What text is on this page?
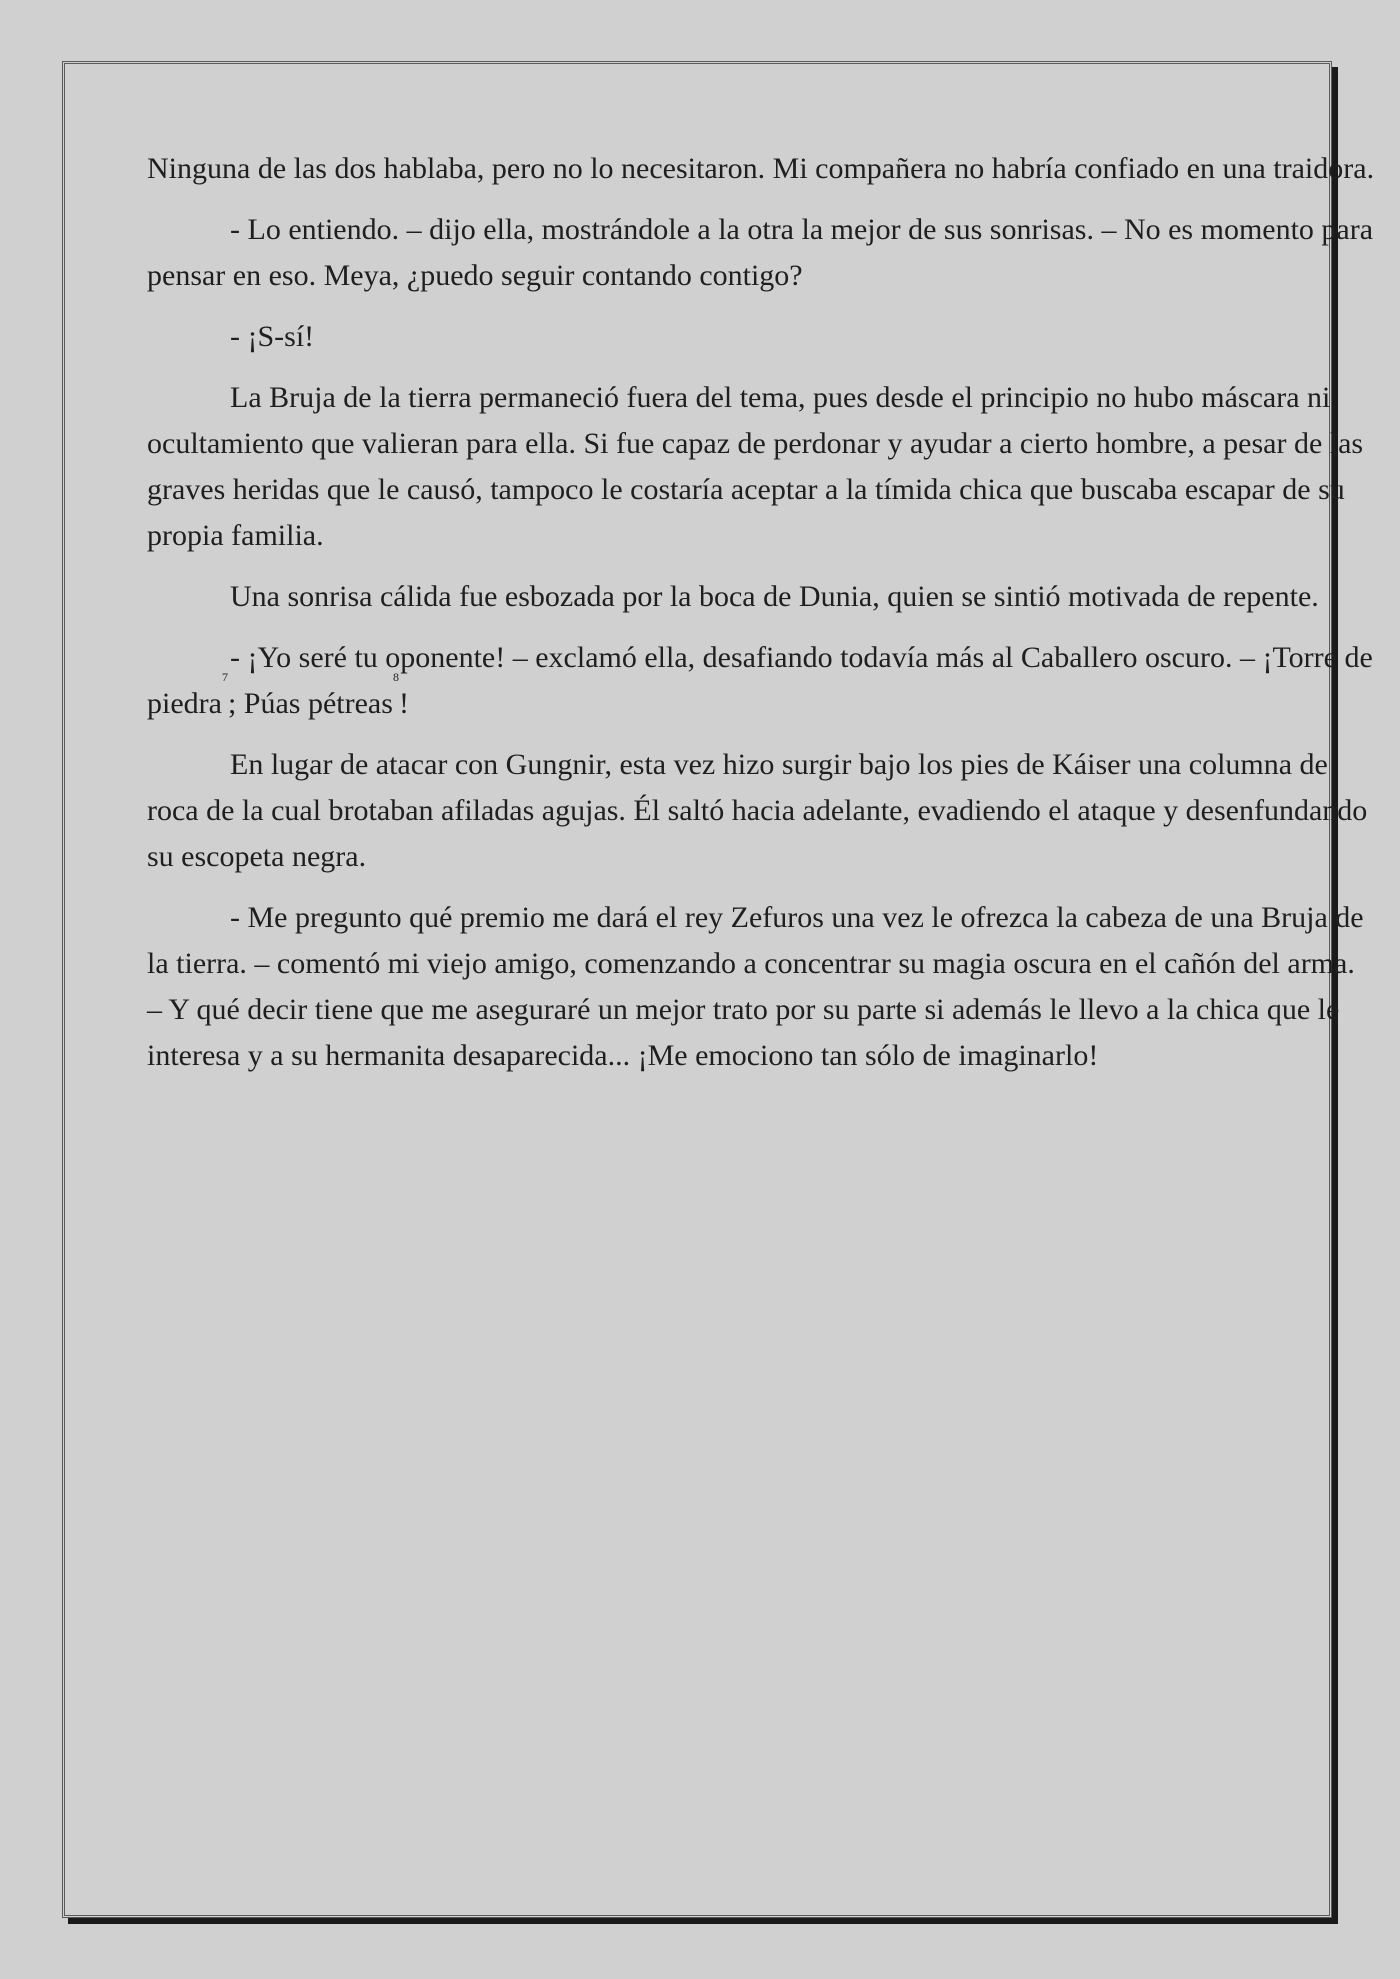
Ninguna de las dos hablaba, pero no lo necesitaron. Mi compañera no habría confiado en una traidora.

- Lo entiendo. – dijo ella, mostrándole a la otra la mejor de sus sonrisas. – No es momento para pensar en eso. Meya, ¿puedo seguir contando contigo?

- ¡S-sí!

La Bruja de la tierra permaneció fuera del tema, pues desde el principio no hubo máscara ni ocultamiento que valieran para ella. Si fue capaz de perdonar y ayudar a cierto hombre, a pesar de las graves heridas que le causó, tampoco le costaría aceptar a la tímida chica que buscaba escapar de su propia familia.

Una sonrisa cálida fue esbozada por la boca de Dunia, quien se sintió motivada de repente.

- ¡Yo seré tu oponente! – exclamó ella, desafiando todavía más al Caballero oscuro. – ¡Torre de piedra$^7$; Púas pétreas$^8$!

En lugar de atacar con Gungnir, esta vez hizo surgir bajo los pies de Káiser una columna de roca de la cual brotaban afiladas agujas. Él saltó hacia adelante, evadiendo el ataque y desenfundando su escopeta negra.

- Me pregunto qué premio me dará el rey Zefuros una vez le ofrezca la cabeza de una Bruja de la tierra. – comentó mi viejo amigo, comenzando a concentrar su magia oscura en el cañón del arma. – Y qué decir tiene que me aseguraré un mejor trato por su parte si además le llevo a la chica que le interesa y a su hermanita desaparecida... ¡Me emociono tan sólo de imaginarlo!
